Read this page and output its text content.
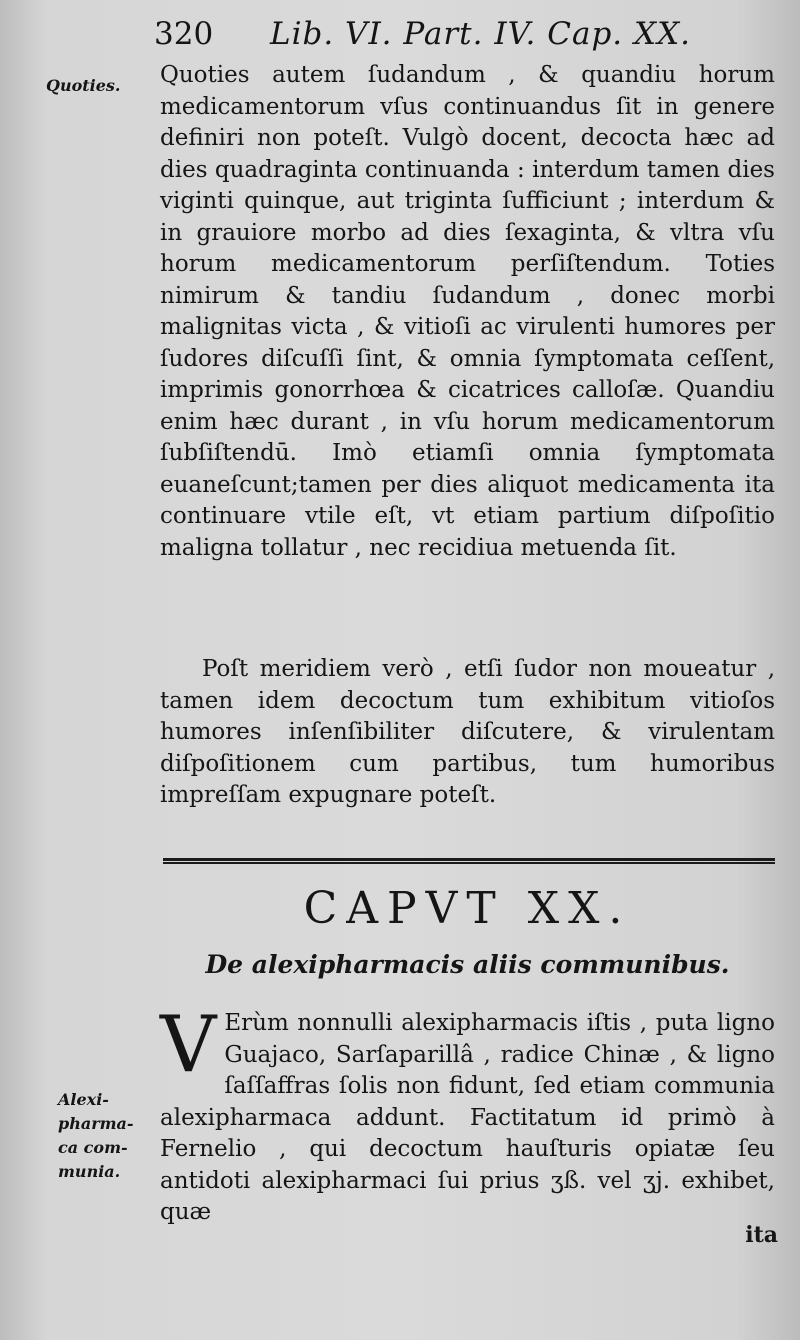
320 Lib. VI. Part. IV. Cap. XX.
Quoties. Quoties autem ſudandum , & quandiu horum medicamentorum vſus continuandus ſit in genere definiri non poteſt. Vulgò docent, decocta hæc ad dies quadraginta continuanda : interdum tamen dies viginti quinque, aut triginta ſufficiunt ; interdum & in grauiore morbo ad dies ſexaginta, & vltra vſu horum medicamentorum perſiſtendum. Toties nimirum & tandiu ſudandum , donec morbi malignitas victa , & vitioſi ac virulenti humores per ſudores diſcuſſi ſint, & omnia ſymptomata ceſſent, imprimis gonorrhœa & cicatrices calloſæ. Quandiu enim hæc durant , in vſu horum medicamentorum ſubſiſtendū. Imò etiamſi omnia ſymptomata euaneſcunt;tamen per dies aliquot medicamenta ita continuare vtile eſt, vt etiam partium diſpoſitio maligna tollatur , nec recidiua metuenda ſit.

Poſt meridiem verò , etſi ſudor non moueatur , tamen idem decoctum tum exhibitum vitioſos humores inſenſibiliter diſcutere, & virulentam diſpoſitionem cum partibus, tum humoribus impreſſam expugnare poteſt.

CAPVT XX.
De alexipharmacis aliis communibus.
Alexi-
pharma-
ca com-
munia.
V Erùm nonnulli alexipharmacis iſtis , puta ligno Guajaco, Sarſaparillâ , radice Chinæ , & ligno ſaſſaffras ſolis non fidunt, ſed etiam communia alexipharmaca addunt. Factitatum id primò à Fernelio , qui decoctum hauſturis opiatæ ſeu antidoti alexipharmaci ſui prius ʒß. vel ʒj. exhibet, quæ
ita
